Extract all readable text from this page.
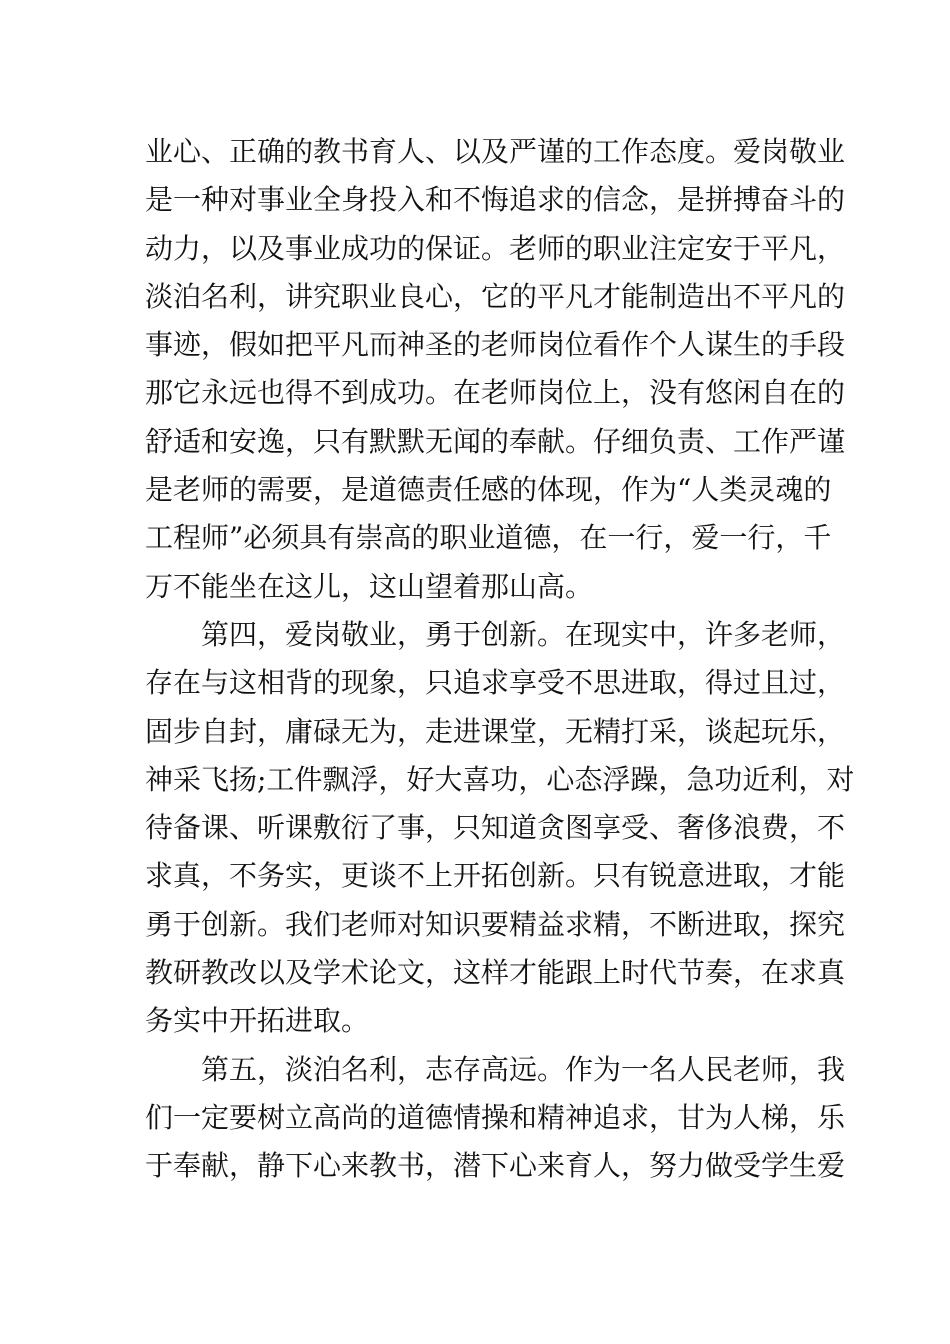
业心、正确的教书育人、以及严谨的工作态度。爱岗敬业
是一种对事业全身投入和不悔追求的信念，是拼搏奋斗的
动力，以及事业成功的保证。老师的职业注定安于平凡，
淡泊名利，讲究职业良心，它的平凡才能制造出不平凡的
事迹，假如把平凡而神圣的老师岗位看作个人谋生的手段
那它永远也得不到成功。在老师岗位上，没有悠闲自在的
舒适和安逸，只有默默无闻的奉献。仔细负责、工作严谨
是老师的需要，是道德责任感的体现，作为“人类灵魂的
工程师”必须具有崇高的职业道德，在一行，爱一行，千
万不能坐在这儿，这山望着那山高。
　　第四，爱岗敬业，勇于创新。在现实中，许多老师，
存在与这相背的现象，只追求享受不思进取，得过且过，
固步自封，庸碌无为，走进课堂，无精打采，谈起玩乐，
神采飞扬;工件飘浮，好大喜功，心态浮躁，急功近利，对
待备课、听课敷衍了事，只知道贪图享受、奢侈浪费，不
求真，不务实，更谈不上开拓创新。只有锐意进取，才能
勇于创新。我们老师对知识要精益求精，不断进取，探究
教研教改以及学术论文，这样才能跟上时代节奏，在求真
务实中开拓进取。
　　第五，淡泊名利，志存高远。作为一名人民老师，我
们一定要树立高尚的道德情操和精神追求，甘为人梯，乐
于奉献，静下心来教书，潜下心来育人，努力做受学生爱
